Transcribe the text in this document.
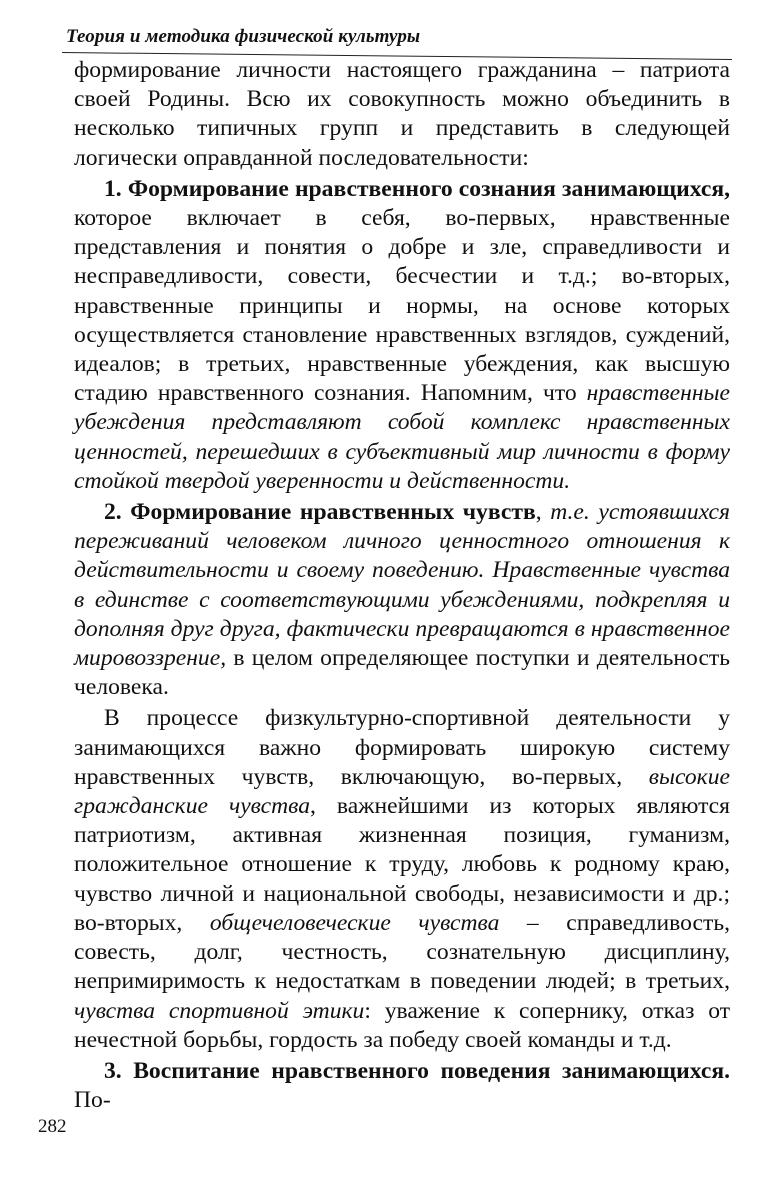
Теория и методика физической культуры

формирование личности настоящего гражданина – патриота своей Родины. Всю их совокупность можно объединить в несколько типичных групп и представить в следующей логически оправданной последовательности:

1. Формирование нравственного сознания занимающихся, которое включает в себя, во-первых, нравственные представления и понятия о добре и зле, справедливости и несправедливости, совести, бесчестии и т.д.; во-вторых, нравственные принципы и нормы, на основе которых осуществляется становление нравственных взглядов, суждений, идеалов; в третьих, нравственные убеждения, как высшую стадию нравственного сознания. Напомним, что нравственные убеждения представляют собой комплекс нравственных ценностей, перешедших в субъективный мир личности в форму стойкой твердой уверенности и действенности.

2. Формирование нравственных чувств, т.е. устоявшихся переживаний человеком личного ценностного отношения к действительности и своему поведению. Нравственные чувства в единстве с соответствующими убеждениями, подкрепляя и дополняя друг друга, фактически превращаются в нравственное мировоззрение, в целом определяющее поступки и деятельность человека.

В процессе физкультурно-спортивной деятельности у занимающихся важно формировать широкую систему нравственных чувств, включающую, во-первых, высокие гражданские чувства, важнейшими из которых являются патриотизм, активная жизненная позиция, гуманизм, положительное отношение к труду, любовь к родному краю, чувство личной и национальной свободы, независимости и др.; во-вторых, общечеловеческие чувства – справедливость, совесть, долг, честность, сознательную дисциплину, непримиримость к недостаткам в поведении людей; в третьих, чувства спортивной этики: уважение к сопернику, отказ от нечестной борьбы, гордость за победу своей команды и т.д.

3. Воспитание нравственного поведения занимающихся. По-

282
